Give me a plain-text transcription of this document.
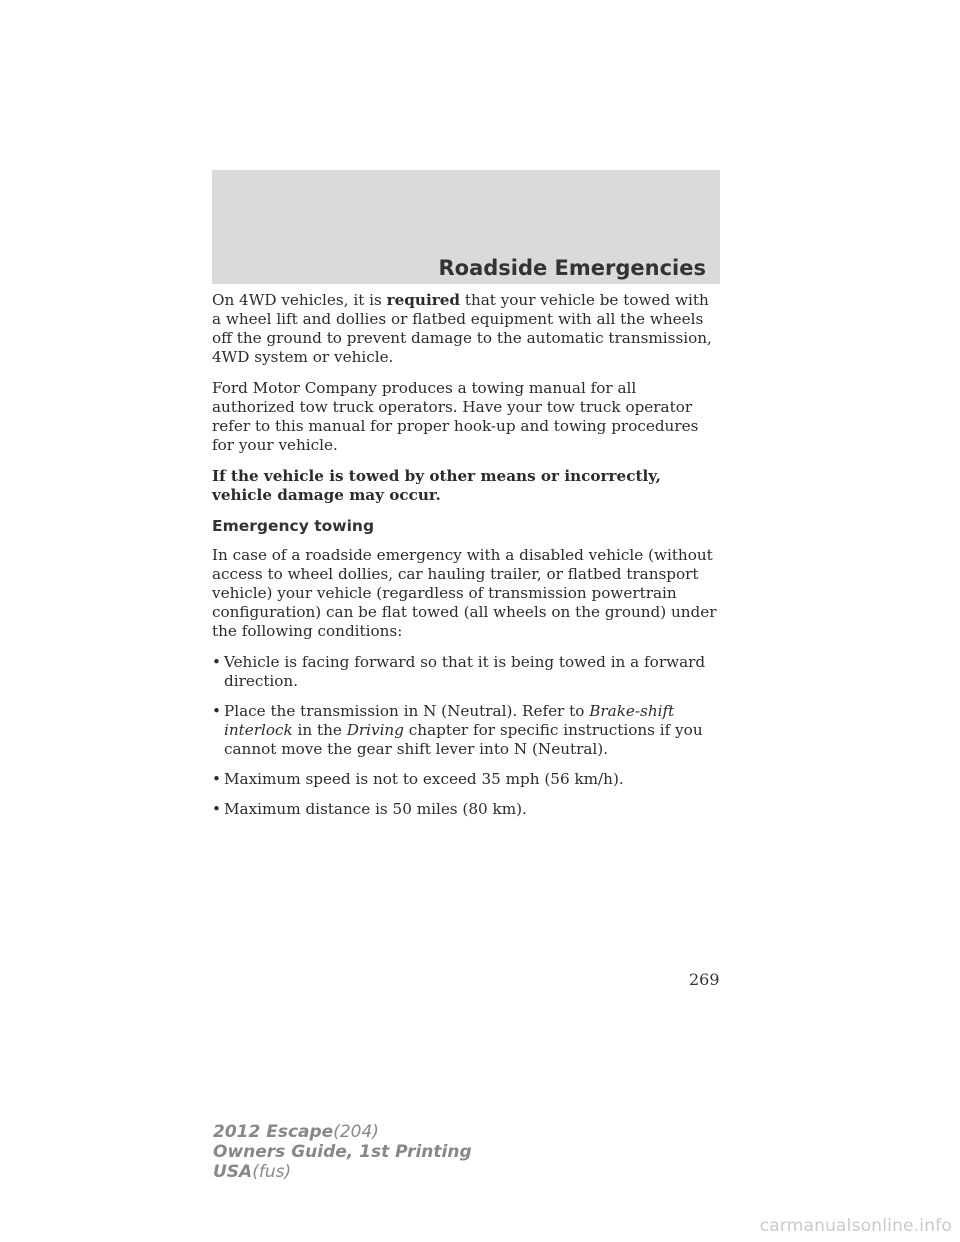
Roadside Emergencies

On 4WD vehicles, it is required that your vehicle be towed with a wheel lift and dollies or flatbed equipment with all the wheels off the ground to prevent damage to the automatic transmission, 4WD system or vehicle.

Ford Motor Company produces a towing manual for all authorized tow truck operators. Have your tow truck operator refer to this manual for proper hook-up and towing procedures for your vehicle.

If the vehicle is towed by other means or incorrectly, vehicle damage may occur.

Emergency towing

In case of a roadside emergency with a disabled vehicle (without access to wheel dollies, car hauling trailer, or flatbed transport vehicle) your vehicle (regardless of transmission powertrain configuration) can be flat towed (all wheels on the ground) under the following conditions:

• Vehicle is facing forward so that it is being towed in a forward direction.
• Place the transmission in N (Neutral). Refer to Brake-shift interlock in the Driving chapter for specific instructions if you cannot move the gear shift lever into N (Neutral).
• Maximum speed is not to exceed 35 mph (56 km/h).
• Maximum distance is 50 miles (80 km).
269
2012 Escape(204)
Owners Guide, 1st Printing
USA(fus)
carmanualsonline.info
